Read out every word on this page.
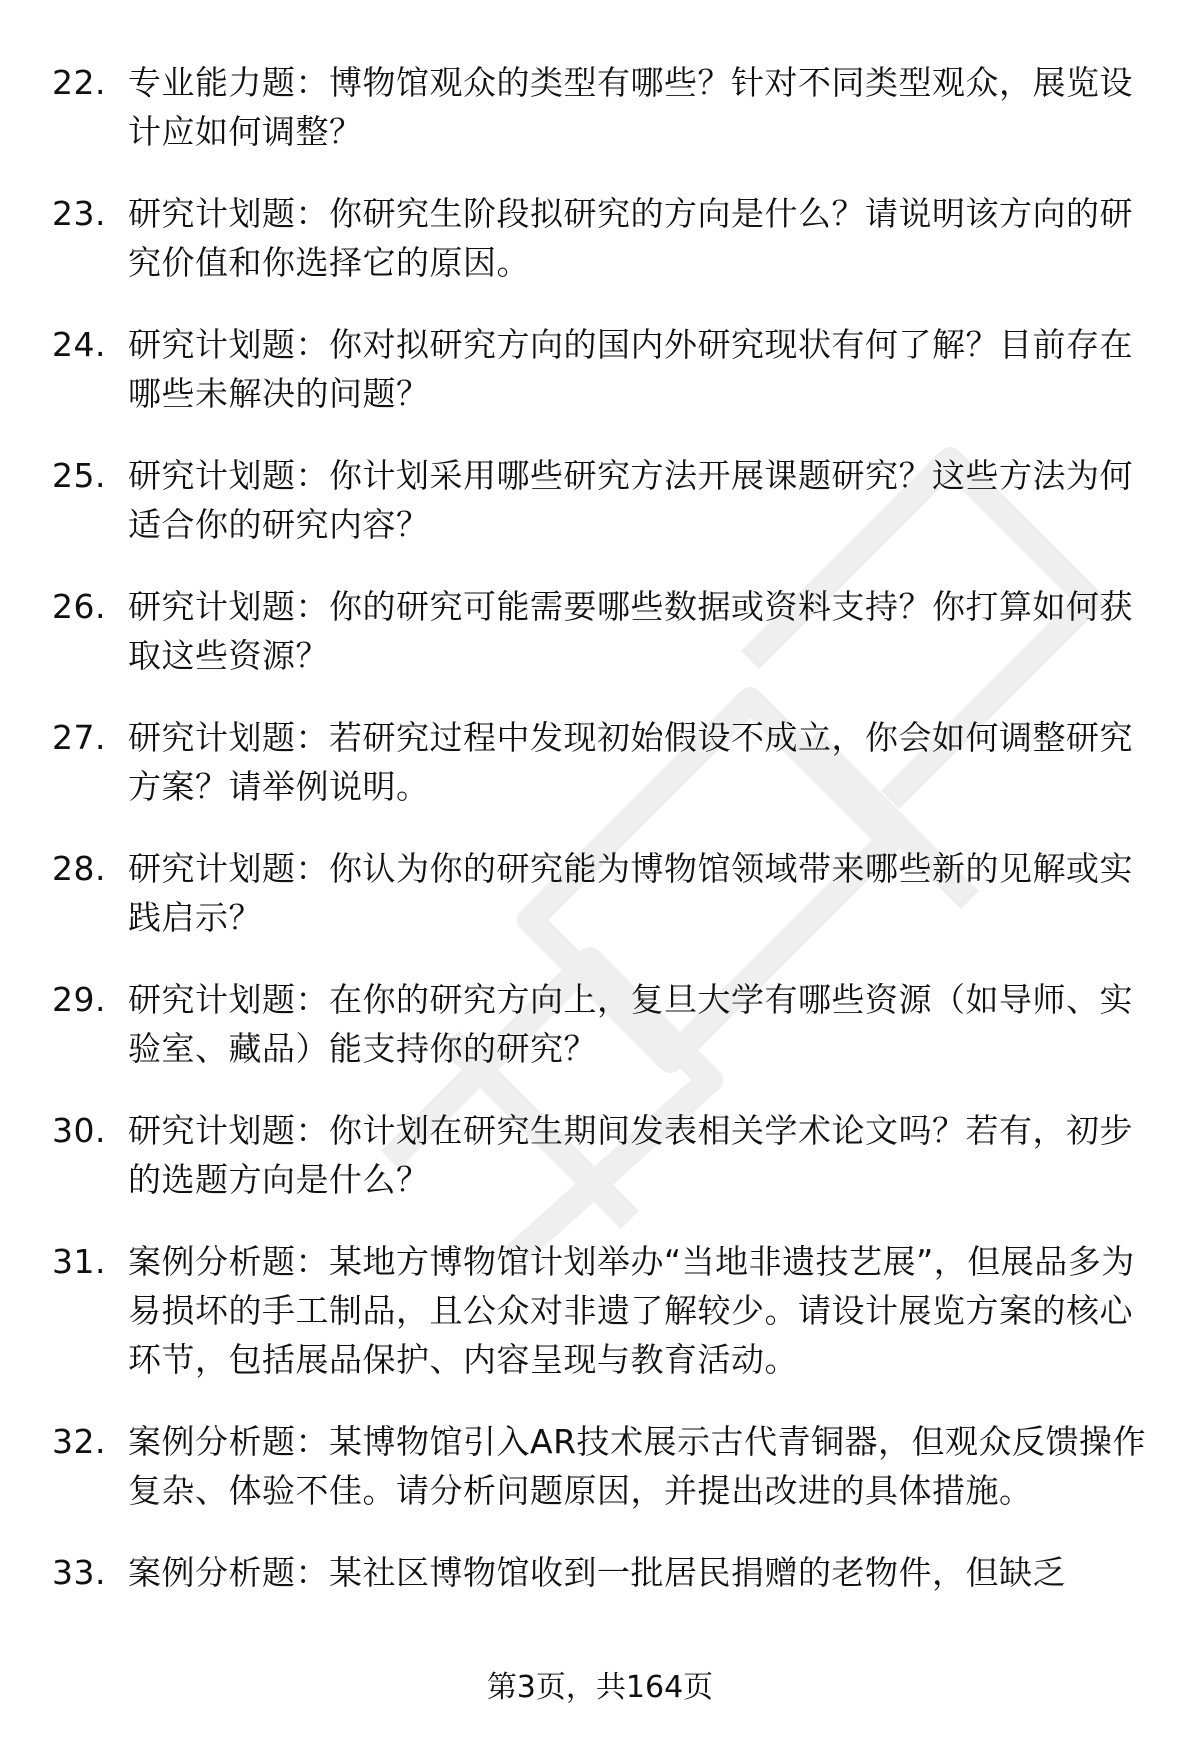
22. 专业能力题：博物馆观众的类型有哪些？针对不同类型观众，展览设计应如何调整？
23. 研究计划题：你研究生阶段拟研究的方向是什么？请说明该方向的研究价值和你选择它的原因。
24. 研究计划题：你对拟研究方向的国内外研究现状有何了解？目前存在哪些未解决的问题？
25. 研究计划题：你计划采用哪些研究方法开展课题研究？这些方法为何适合你的研究内容？
26. 研究计划题：你的研究可能需要哪些数据或资料支持？你打算如何获取这些资源？
27. 研究计划题：若研究过程中发现初始假设不成立，你会如何调整研究方案？请举例说明。
28. 研究计划题：你认为你的研究能为博物馆领域带来哪些新的见解或实践启示？
29. 研究计划题：在你的研究方向上，复旦大学有哪些资源（如导师、实验室、藏品）能支持你的研究？
30. 研究计划题：你计划在研究生期间发表相关学术论文吗？若有，初步的选题方向是什么？
31. 案例分析题：某地方博物馆计划举办“当地非遗技艺展”，但展品多为易损坏的手工制品，且公众对非遗了解较少。请设计展览方案的核心环节，包括展品保护、内容呈现与教育活动。
32. 案例分析题：某博物馆引入AR技术展示古代青铜器，但观众反馈操作复杂、体验不佳。请分析问题原因，并提出改进的具体措施。
33. 案例分析题：某社区博物馆收到一批居民捐赠的老物件，但缺乏
第3页，共164页
